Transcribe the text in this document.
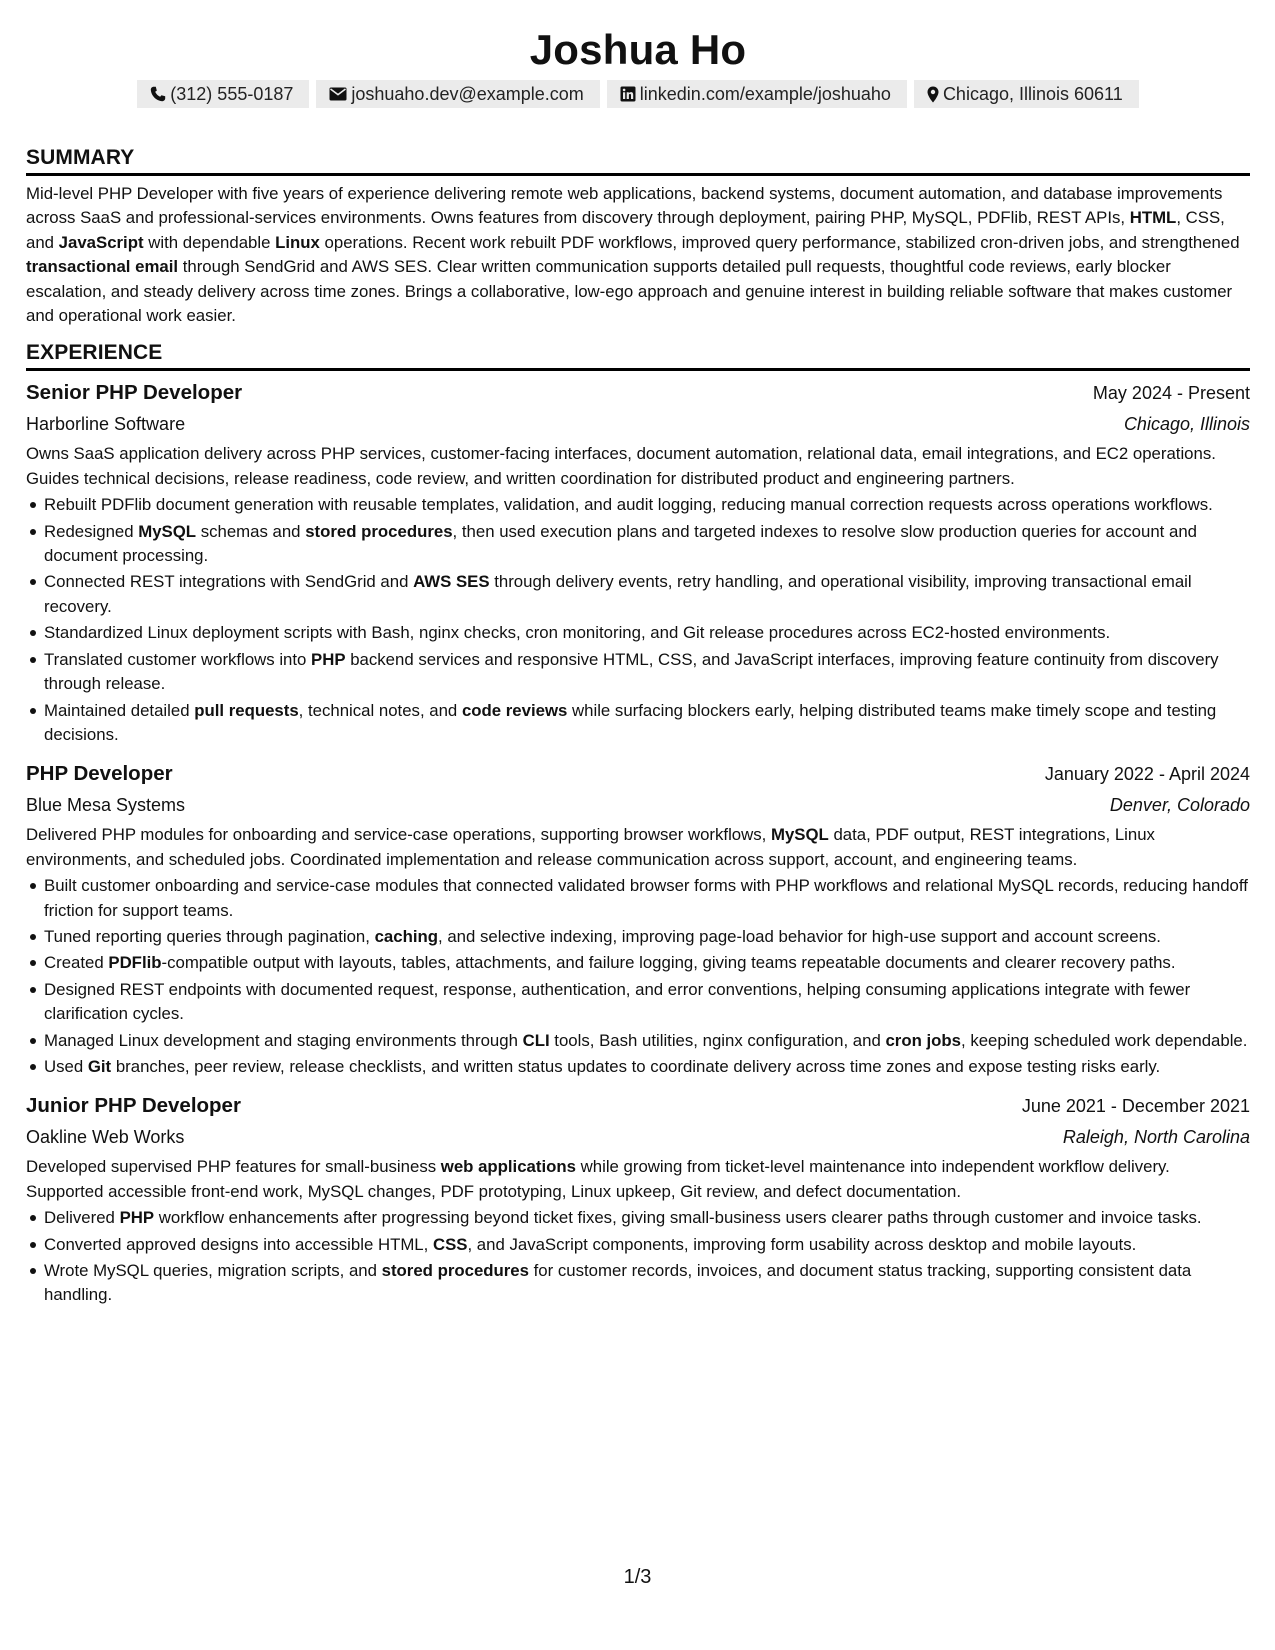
Joshua Ho
(312) 555-0187	joshuaho.dev@example.com	linkedin.com/example/joshuaho	Chicago, Illinois 60611
SUMMARY
Mid-level PHP Developer with five years of experience delivering remote web applications, backend systems, document automation, and database improvements across SaaS and professional-services environments. Owns features from discovery through deployment, pairing PHP, MySQL, PDFlib, REST APIs, HTML, CSS, and JavaScript with dependable Linux operations. Recent work rebuilt PDF workflows, improved query performance, stabilized cron-driven jobs, and strengthened transactional email through SendGrid and AWS SES. Clear written communication supports detailed pull requests, thoughtful code reviews, early blocker escalation, and steady delivery across time zones. Brings a collaborative, low-ego approach and genuine interest in building reliable software that makes customer and operational work easier.
EXPERIENCE
Senior PHP Developer	May 2024 - Present
Harborline Software	Chicago, Illinois
Owns SaaS application delivery across PHP services, customer-facing interfaces, document automation, relational data, email integrations, and EC2 operations. Guides technical decisions, release readiness, code review, and written coordination for distributed product and engineering partners.
Rebuilt PDFlib document generation with reusable templates, validation, and audit logging, reducing manual correction requests across operations workflows.
Redesigned MySQL schemas and stored procedures, then used execution plans and targeted indexes to resolve slow production queries for account and document processing.
Connected REST integrations with SendGrid and AWS SES through delivery events, retry handling, and operational visibility, improving transactional email recovery.
Standardized Linux deployment scripts with Bash, nginx checks, cron monitoring, and Git release procedures across EC2-hosted environments.
Translated customer workflows into PHP backend services and responsive HTML, CSS, and JavaScript interfaces, improving feature continuity from discovery through release.
Maintained detailed pull requests, technical notes, and code reviews while surfacing blockers early, helping distributed teams make timely scope and testing decisions.
PHP Developer	January 2022 - April 2024
Blue Mesa Systems	Denver, Colorado
Delivered PHP modules for onboarding and service-case operations, supporting browser workflows, MySQL data, PDF output, REST integrations, Linux environments, and scheduled jobs. Coordinated implementation and release communication across support, account, and engineering teams.
Built customer onboarding and service-case modules that connected validated browser forms with PHP workflows and relational MySQL records, reducing handoff friction for support teams.
Tuned reporting queries through pagination, caching, and selective indexing, improving page-load behavior for high-use support and account screens.
Created PDFlib-compatible output with layouts, tables, attachments, and failure logging, giving teams repeatable documents and clearer recovery paths.
Designed REST endpoints with documented request, response, authentication, and error conventions, helping consuming applications integrate with fewer clarification cycles.
Managed Linux development and staging environments through CLI tools, Bash utilities, nginx configuration, and cron jobs, keeping scheduled work dependable.
Used Git branches, peer review, release checklists, and written status updates to coordinate delivery across time zones and expose testing risks early.
Junior PHP Developer	June 2021 - December 2021
Oakline Web Works	Raleigh, North Carolina
Developed supervised PHP features for small-business web applications while growing from ticket-level maintenance into independent workflow delivery. Supported accessible front-end work, MySQL changes, PDF prototyping, Linux upkeep, Git review, and defect documentation.
Delivered PHP workflow enhancements after progressing beyond ticket fixes, giving small-business users clearer paths through customer and invoice tasks.
Converted approved designs into accessible HTML, CSS, and JavaScript components, improving form usability across desktop and mobile layouts.
Wrote MySQL queries, migration scripts, and stored procedures for customer records, invoices, and document status tracking, supporting consistent data handling.
1/3
